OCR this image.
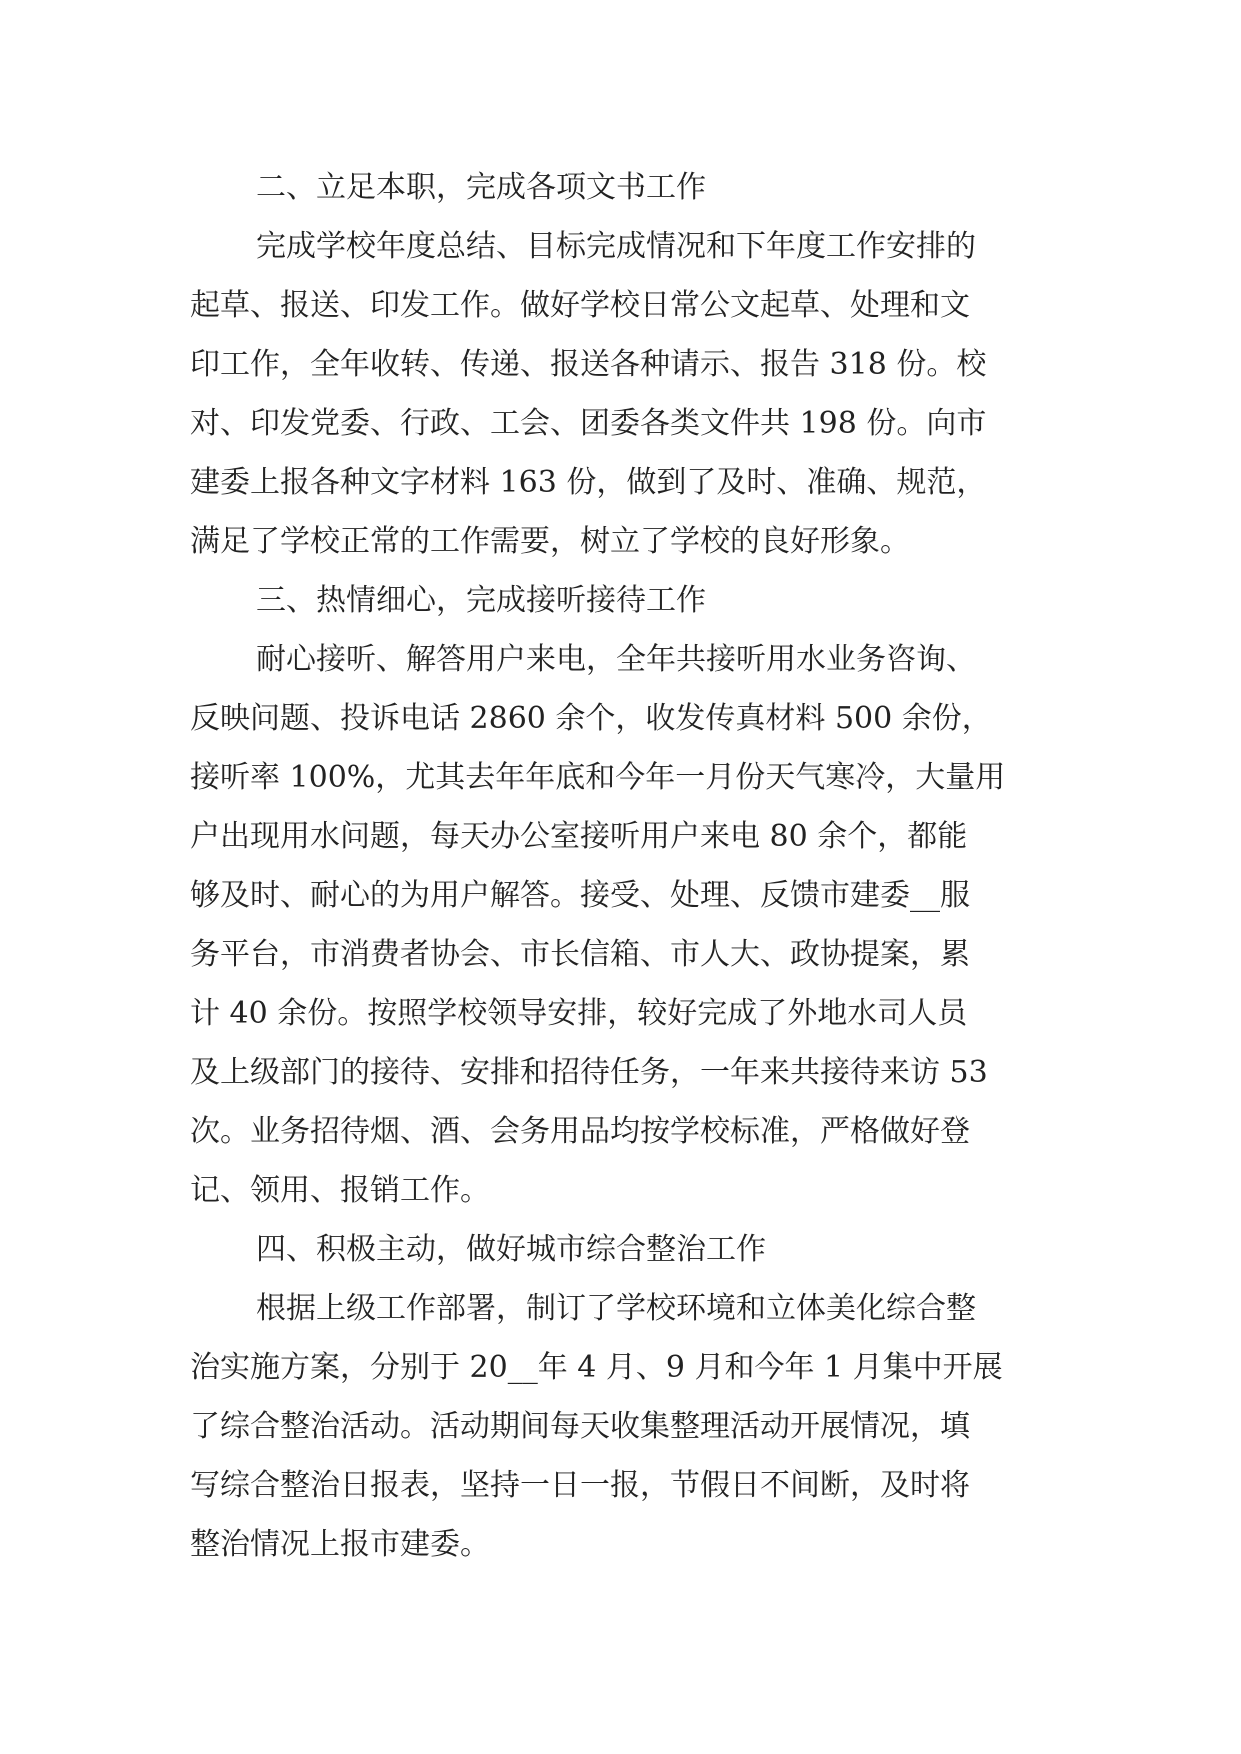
二、立足本职，完成各项文书工作
完成学校年度总结、目标完成情况和下年度工作安排的
起草、报送、印发工作。做好学校日常公文起草、处理和文
印工作，全年收转、传递、报送各种请示、报告 318 份。校
对、印发党委、行政、工会、团委各类文件共 198 份。向市
建委上报各种文字材料 163 份，做到了及时、准确、规范，
满足了学校正常的工作需要，树立了学校的良好形象。
三、热情细心，完成接听接待工作
耐心接听、解答用户来电，全年共接听用水业务咨询、
反映问题、投诉电话 2860 余个，收发传真材料 500 余份，
接听率 100%，尤其去年年底和今年一月份天气寒冷，大量用
户出现用水问题，每天办公室接听用户来电 80 余个，都能
够及时、耐心的为用户解答。接受、处理、反馈市建委__服
务平台，市消费者协会、市长信箱、市人大、政协提案，累
计 40 余份。按照学校领导安排，较好完成了外地水司人员
及上级部门的接待、安排和招待任务，一年来共接待来访 53
次。业务招待烟、酒、会务用品均按学校标准，严格做好登
记、领用、报销工作。
四、积极主动，做好城市综合整治工作
根据上级工作部署，制订了学校环境和立体美化综合整
治实施方案，分别于 20__年 4 月、9 月和今年 1 月集中开展
了综合整治活动。活动期间每天收集整理活动开展情况，填
写综合整治日报表，坚持一日一报，节假日不间断，及时将
整治情况上报市建委。
